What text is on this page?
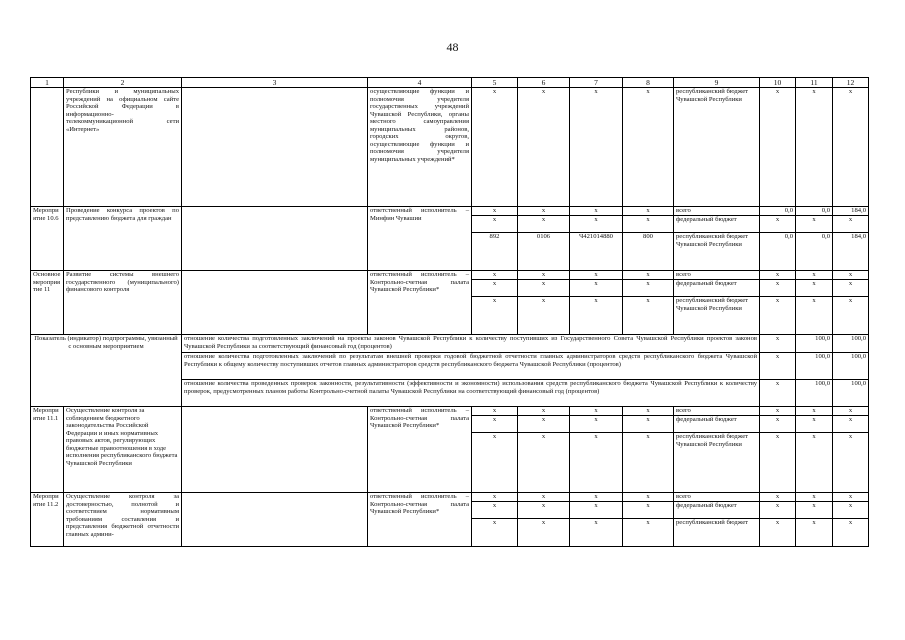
48
1	2	3	4	5	6	7	8	9	10	11	12
	Республики и муниципальных учреждений на официальном сайте Российской Федерации в информационно-телекоммуникационной сети «Интернет»		осуществляющие функции и полномочия учредителя государственных учреждений Чувашской Республики, органы местного самоуправления муниципальных районов, городских округов, осуществляющие функции и полномочия учредителя муниципальных учреждений*	х	х	х	х	республиканский бюджет Чувашской Республики	х	х	х
Мероприятие 10.6	Проведение конкурса проектов по представлению бюджета для граждан		ответственный исполнитель – Минфин Чувашии	х	х	х	х	всего	0,0	0,0	184,0
				х	х	х	х	федеральный бюджет	х	х	х
				892	0106	Ч421014880	800	республиканский бюджет Чувашской Республики	0,0	0,0	184,0
Основное мероприятие 11	Развитие системы внешнего государственного (муниципального) финансового контроля		ответственный исполнитель – Контрольно-счетная палата Чувашской Республики*	х	х	х	х	всего	х	х	х
				х	х	х	х	федеральный бюджет	х	х	х
				х	х	х	х	республиканский бюджет Чувашской Республики	х	х	х
Показатель (индикатор) подпрограммы, увязанный с основным мероприятием		отношение количества подготовленных заключений на проекты законов Чувашской Республики к количеству поступивших из Государственного Совета Чувашской Республики проектов законов Чувашской Республики за соответствующий финансовый год (процентов)							х	100,0	100,0
		отношение количества подготовленных заключений по результатам внешней проверки годовой бюджетной отчетности главных администраторов средств республиканского бюджета Чувашской Республики к общему количеству поступивших отчетов главных администраторов средств республиканского бюджета Чувашской Республики (процентов)							х	100,0	100,0
		отношение количества проведенных проверок законности, результативности (эффективности и экономности) использования средств республиканского бюджета Чувашской Республики к количеству проверок, предусмотренных планом работы Контрольно-счетной палаты Чувашской Республики на соответствующий финансовый год (процентов)							х	100,0	100,0
Мероприятие 11.1	Осуществление контроля за соблюдением бюджетного законодательства Российской Федерации и иных нормативных правовых актов, регулирующих бюджетные правоотношения в ходе исполнения республиканского бюджета Чувашской Республики		ответственный исполнитель – Контрольно-счетная палата Чувашской Республики*	х	х	х	х	всего	х	х	х
				х	х	х	х	федеральный бюджет	х	х	х
				х	х	х	х	республиканский бюджет Чувашской Республики	х	х	х
Мероприятие 11.2	Осуществление контроля за достоверностью, полнотой и соответствием нормативным требованиям составления и представления бюджетной отчетности главных админи-		ответственный исполнитель – Контрольно-счетная палата Чувашской Республики*	х	х	х	х	всего	х	х	х
				х	х	х	х	федеральный бюджет	х	х	х
				х	х	х	х	республиканский бюджет	х	х	х
